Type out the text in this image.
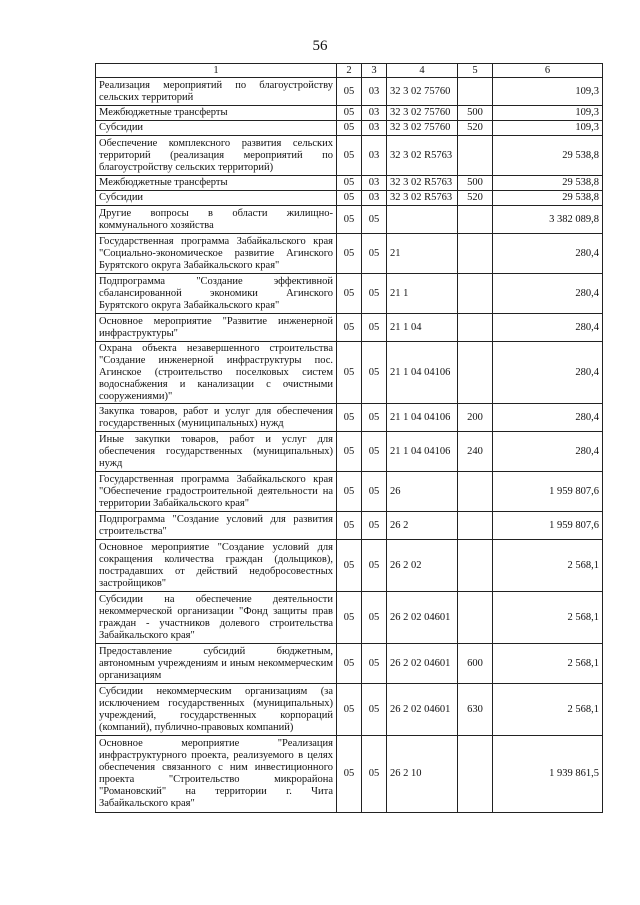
56
1	2	3	4	5	6
Реализация мероприятий по благоустройству сельских территорий	05	03	32 3 02 75760		109,3
Межбюджетные трансферты	05	03	32 3 02 75760	500	109,3
Субсидии	05	03	32 3 02 75760	520	109,3
Обеспечение комплексного развития сельских территорий (реализация мероприятий по благоустройству сельских территорий)	05	03	32 3 02 R5763		29 538,8
Межбюджетные трансферты	05	03	32 3 02 R5763	500	29 538,8
Субсидии	05	03	32 3 02 R5763	520	29 538,8
Другие вопросы в области жилищно-коммунального хозяйства	05	05			3 382 089,8
Государственная программа Забайкальского края "Социально-экономическое развитие Агинского Бурятского округа Забайкальского края"	05	05	21		280,4
Подпрограмма "Создание эффективной сбалансированной экономики Агинского Бурятского округа Забайкальского края"	05	05	21 1		280,4
Основное мероприятие "Развитие инженерной инфраструктуры"	05	05	21 1 04		280,4
Охрана объекта незавершенного строительства "Создание инженерной инфраструктуры пос. Агинское (строительство поселковых систем водоснабжения и канализации с очистными сооружениями)"	05	05	21 1 04 04106		280,4
Закупка товаров, работ и услуг для обеспечения государственных (муниципальных) нужд	05	05	21 1 04 04106	200	280,4
Иные закупки товаров, работ и услуг для обеспечения государственных (муниципальных) нужд	05	05	21 1 04 04106	240	280,4
Государственная программа Забайкальского края "Обеспечение градостроительной деятельности на территории Забайкальского края"	05	05	26		1 959 807,6
Подпрограмма "Создание условий для развития строительства"	05	05	26 2		1 959 807,6
Основное мероприятие "Создание условий для сокращения количества граждан (дольщиков), пострадавших от действий недобросовестных застройщиков"	05	05	26 2 02		2 568,1
Субсидии на обеспечение деятельности некоммерческой организации "Фонд защиты прав граждан - участников долевого строительства Забайкальского края"	05	05	26 2 02 04601		2 568,1
Предоставление субсидий бюджетным, автономным учреждениям и иным некоммерческим организациям	05	05	26 2 02 04601	600	2 568,1
Субсидии некоммерческим организациям (за исключением государственных (муниципальных) учреждений, государственных корпораций (компаний), публично-правовых компаний)	05	05	26 2 02 04601	630	2 568,1
Основное мероприятие "Реализация инфраструктурного проекта, реализуемого в целях обеспечения связанного с ним инвестиционного проекта "Строительство микрорайона "Романовский" на территории г. Чита Забайкальского края"	05	05	26 2 10		1 939 861,5
